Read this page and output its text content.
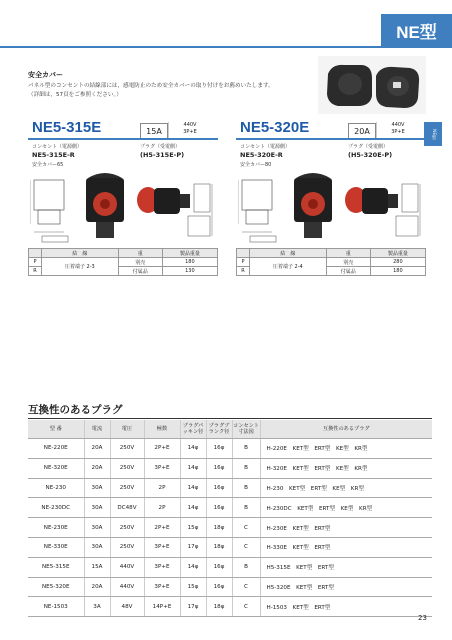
NE型
安全カバー
パネル型のコンセントの結線部には，感電防止のため安全カバーの取り付けをお薦めいたします。
（詳細は，57頁をご参照ください。）
NE型
NE5-315E	15A
440V
3P+E
コンセント（電源側）
NE5-315E-R
プラグ（受電側）
(H5-315E-P)
安全カバー65
	結　線	重	製品重量
P	圧着端子 2-3	別売	180
R		付属品	130
NE5-320E	20A
440V
3P+E
コンセント（電源側）
NE5-320E-R
プラグ（受電側）
(H5-320E-P)
安全カバー80
	結　線	重	製品重量
P	圧着端子 2-4	別売	280
R		付属品	180
互換性のあるプラグ
型 番	電流	電圧	極数	プラグパッキン径	プラグブランク径	コンセント寸法図	互換性のあるプラグ
NE-220E	20A	250V	2P+E	14φ	16φ	B	H-220E　KET型　ERT型　KE型　KR型
NE-320E	20A	250V	3P+E	14φ	16φ	B	H-320E　KET型　ERT型　KE型　KR型
NE-230	30A	250V	2P	14φ	16φ	B	H-230　KET型　ERT型　KE型　KR型
NE-230DC	30A	DC48V	2P	14φ	16φ	B	H-230DC　KET型　ERT型　KE型　KR型
NE-230E	30A	250V	2P+E	15φ	18φ	C	H-230E　KET型　ERT型
NE-330E	30A	250V	3P+E	17φ	18φ	C	H-330E　KET型　ERT型
NE5-315E	15A	440V	3P+E	14φ	16φ	B	H5-315E　KET型　ERT型
NE5-320E	20A	440V	3P+E	15φ	16φ	C	H5-320E　KET型　ERT型
NE-1503	3A	48V	14P+E	17φ	18φ	C	H-1503　KET型　ERT型
23
